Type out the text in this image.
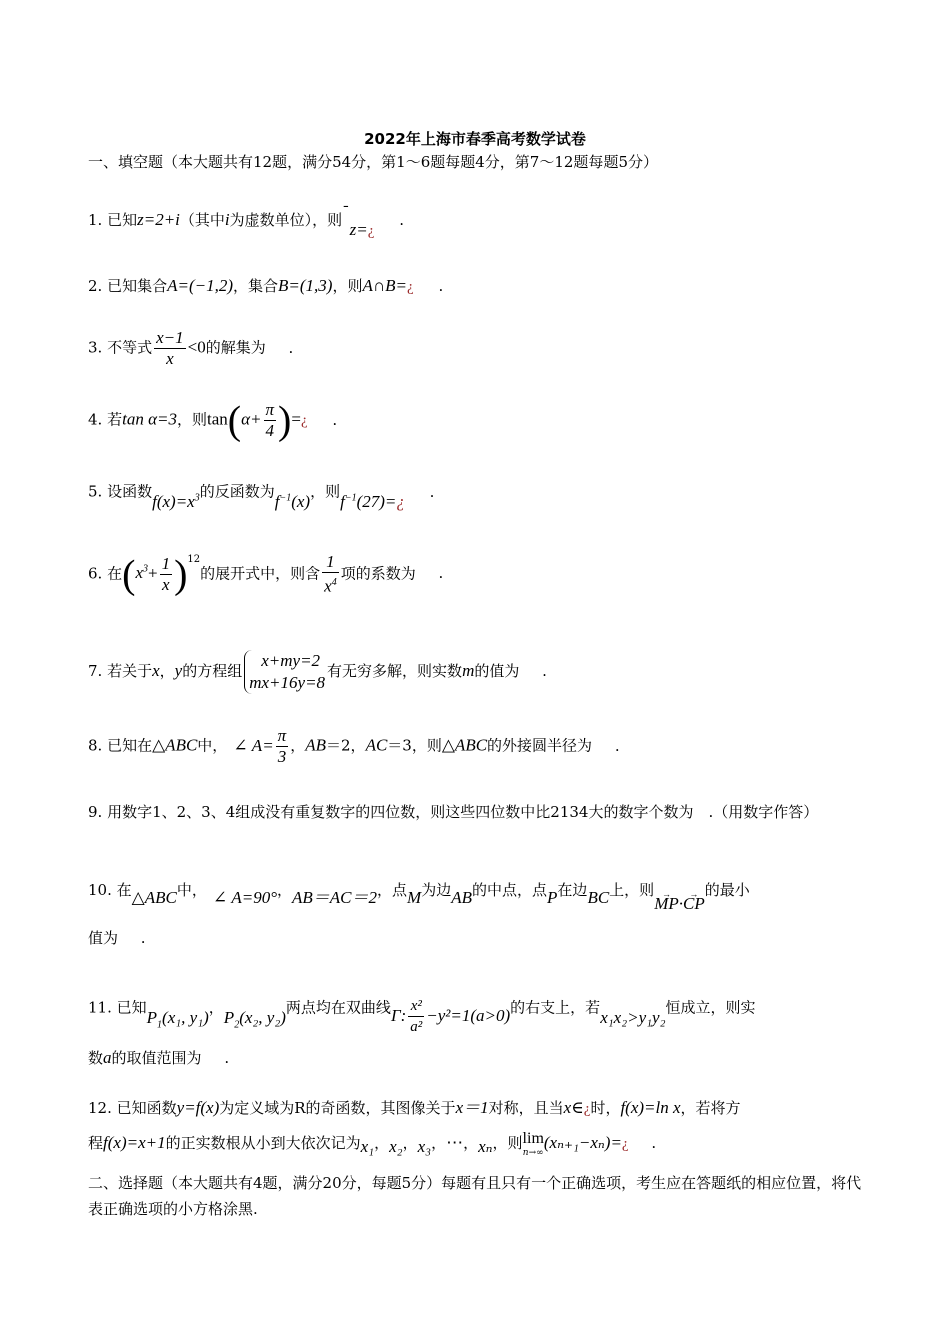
2022年上海市春季高考数学试卷
一、填空题（本大题共有12题，满分54分，第1～6题每题4分，第7～12题每题5分）
1. 已知z=2+i（其中i为虚数单位），则¯z=¿ .
2. 已知集合A=(−1,2)，集合B=(1,3)，则A∩B=¿ .
3. 不等式 $\frac{x-1}{x} <0$的解集为 .
4. 若tan α=3，则$\tan(\alpha+ \frac{\pi}{4}$ )=¿ .
5. 设函数$f(x)=x^3$的反函数为$f^{-1}(x)$，则$f^{-1}(27)=¿$ .
6. 在$(x^3+ \frac{1}{x} )^{12}$的展开式中，则含 $\frac{1}{x^4}$ 项的系数为 .
7. 若关于x，y的方程组
x+my=2
mx+16y=8
有无穷多解，则实数m的值为 .
8. 已知在△ABC中， ∠ $A= \frac{\pi}{3}$ ，AB＝2，AC＝3，则△ABC的外接圆半径为 .
9. 用数字1、2、3、4组成没有重复数字的四位数，则这些四位数中比2134大的数字个数为　.（用数字作答）
10. 在△ABC中， ∠ A=90°，AB＝AC＝2，点M为边AB的中点，点P在边BC上，则→ MP·→ CP的最小
值为 .
11. 已知$P_1(x_1$, y₁)，$P_2(x_2$, y₂)两点均在双曲线Γ: $\frac{\text{x²}}{\text{a²}} -y^2=1(a>0)$的右支上，若x₁x₂>y₁y₂恒成立，则实
数a的取值范围为 .
12. 已知函数y=f(x)为定义域为R的奇函数，其图像关于x＝1对称，且当x∈¿时，f(x)=ln x，若将方
程f(x)=x+1的正实数根从小到大依次记为x₁，x₂，x₃，⋯，xₙ，则 lim
n→∞
(xₙ₊₁−xₙ)=¿ .
二、选择题（本大题共有4题，满分20分，每题5分）每题有且只有一个正确选项，考生应在答题纸的相应位置，将代表正确选项的小方格涂黑.
